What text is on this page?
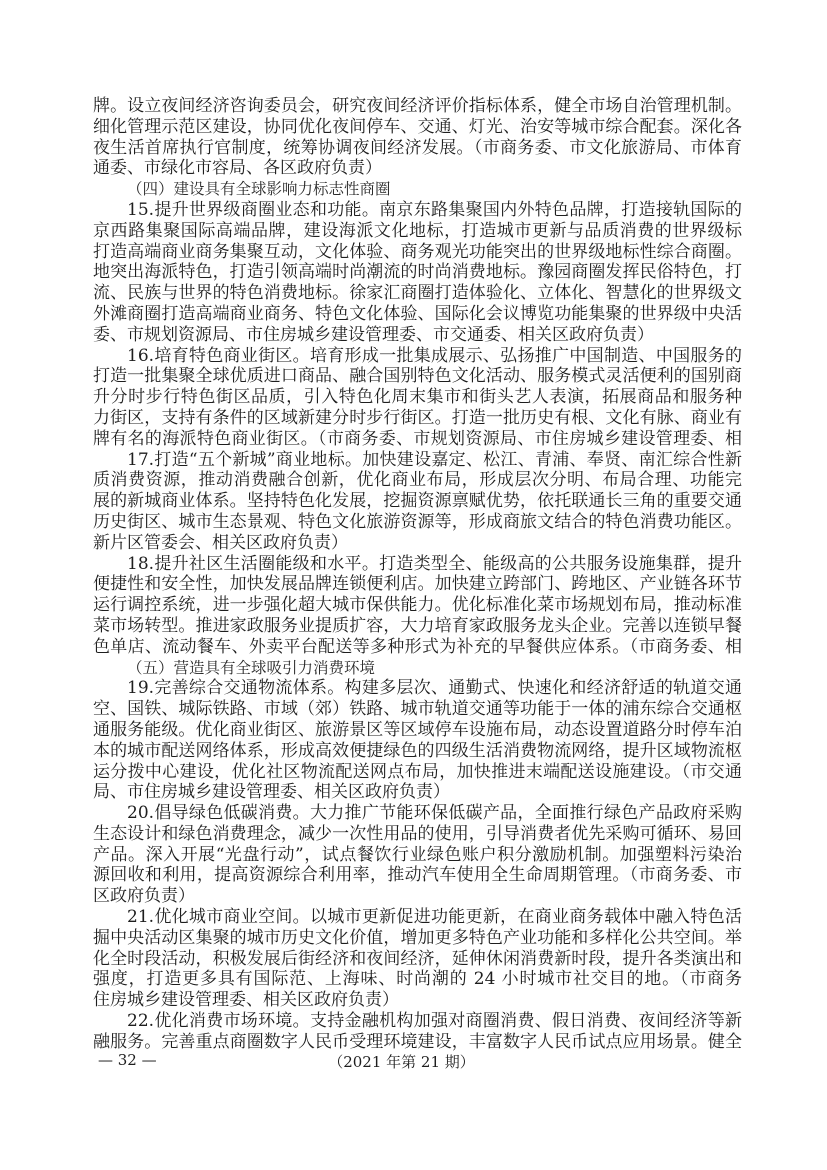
牌。设立夜间经济咨询委员会，研究夜间经济评价指标体系，健全市场自治管理机制。
细化管理示范区建设，协同优化夜间停车、交通、灯光、治安等城市综合配套。深化各
夜生活首席执行官制度，统筹协调夜间经济发展。（市商务委、市文化旅游局、市体育
通委、市绿化市容局、各区政府负责）
（四）建设具有全球影响力标志性商圈
15.提升世界级商圈业态和功能。南京东路集聚国内外特色品牌，打造接轨国际的
京西路集聚国际高端品牌，建设海派文化地标，打造城市更新与品质消费的世界级标
打造高端商业商务集聚互动，文化体验、商务观光功能突出的世界级地标性综合商圈。
地突出海派特色，打造引领高端时尚潮流的时尚消费地标。豫园商圈发挥民俗特色，打
流、民族与世界的特色消费地标。徐家汇商圈打造体验化、立体化、智慧化的世界级文
外滩商圈打造高端商业商务、特色文化体验、国际化会议博览功能集聚的世界级中央活
委、市规划资源局、市住房城乡建设管理委、市交通委、相关区政府负责）
16.培育特色商业街区。培育形成一批集成展示、弘扬推广中国制造、中国服务的
打造一批集聚全球优质进口商品、融合国别特色文化活动、服务模式灵活便利的国别商
升分时步行特色街区品质，引入特色化周末集市和街头艺人表演，拓展商品和服务种
力街区，支持有条件的区域新建分时步行街区。打造一批历史有根、文化有脉、商业有
牌有名的海派特色商业街区。（市商务委、市规划资源局、市住房城乡建设管理委、相
17.打造“五个新城”商业地标。加快建设嘉定、松江、青浦、奉贤、南汇综合性新
质消费资源，推动消费融合创新，优化商业布局，形成层次分明、布局合理、功能完
展的新城商业体系。坚持特色化发展，挖掘资源禀赋优势，依托联通长三角的重要交通
历史街区、城市生态景观、特色文化旅游资源等，形成商旅文结合的特色消费功能区。
新片区管委会、相关区政府负责）
18.提升社区生活圈能级和水平。打造类型全、能级高的公共服务设施集群，提升
便捷性和安全性，加快发展品牌连锁便利店。加快建立跨部门、跨地区、产业链各环节
运行调控系统，进一步强化超大城市保供能力。优化标准化菜市场规划布局，推动标准
菜市场转型。推进家政服务业提质扩容，大力培育家政服务龙头企业。完善以连锁早餐
色单店、流动餐车、外卖平台配送等多种形式为补充的早餐供应体系。（市商务委、相
（五）营造具有全球吸引力消费环境
19.完善综合交通物流体系。构建多层次、通勤式、快速化和经济舒适的轨道交通
空、国铁、城际铁路、市域（郊）铁路、城市轨道交通等功能于一体的浦东综合交通枢
通服务能级。优化商业街区、旅游景区等区域停车设施布局，动态设置道路分时停车泊
本的城市配送网络体系，形成高效便捷绿色的四级生活消费物流网络，提升区域物流枢
运分拨中心建设，优化社区物流配送网点布局，加快推进末端配送设施建设。（市交通
局、市住房城乡建设管理委、相关区政府负责）
20.倡导绿色低碳消费。大力推广节能环保低碳产品，全面推行绿色产品政府采购
生态设计和绿色消费理念，减少一次性用品的使用，引导消费者优先采购可循环、易回
产品。深入开展“光盘行动”，试点餐饮行业绿色账户积分激励机制。加强塑料污染治
源回收和利用，提高资源综合利用率，推动汽车使用全生命周期管理。（市商务委、市
区政府负责）
21.优化城市商业空间。以城市更新促进功能更新，在商业商务载体中融入特色活
掘中央活动区集聚的城市历史文化价值，增加更多特色产业功能和多样化公共空间。举
化全时段活动，积极发展后街经济和夜间经济，延伸休闲消费新时段，提升各类演出和
强度，打造更多具有国际范、上海味、时尚潮的 24 小时城市社交目的地。（市商务
住房城乡建设管理委、相关区政府负责）
22.优化消费市场环境。支持金融机构加强对商圈消费、假日消费、夜间经济等新
融服务。完善重点商圈数字人民币受理环境建设，丰富数字人民币试点应用场景。健全
— 32 —	（2021 年第 21 期）
